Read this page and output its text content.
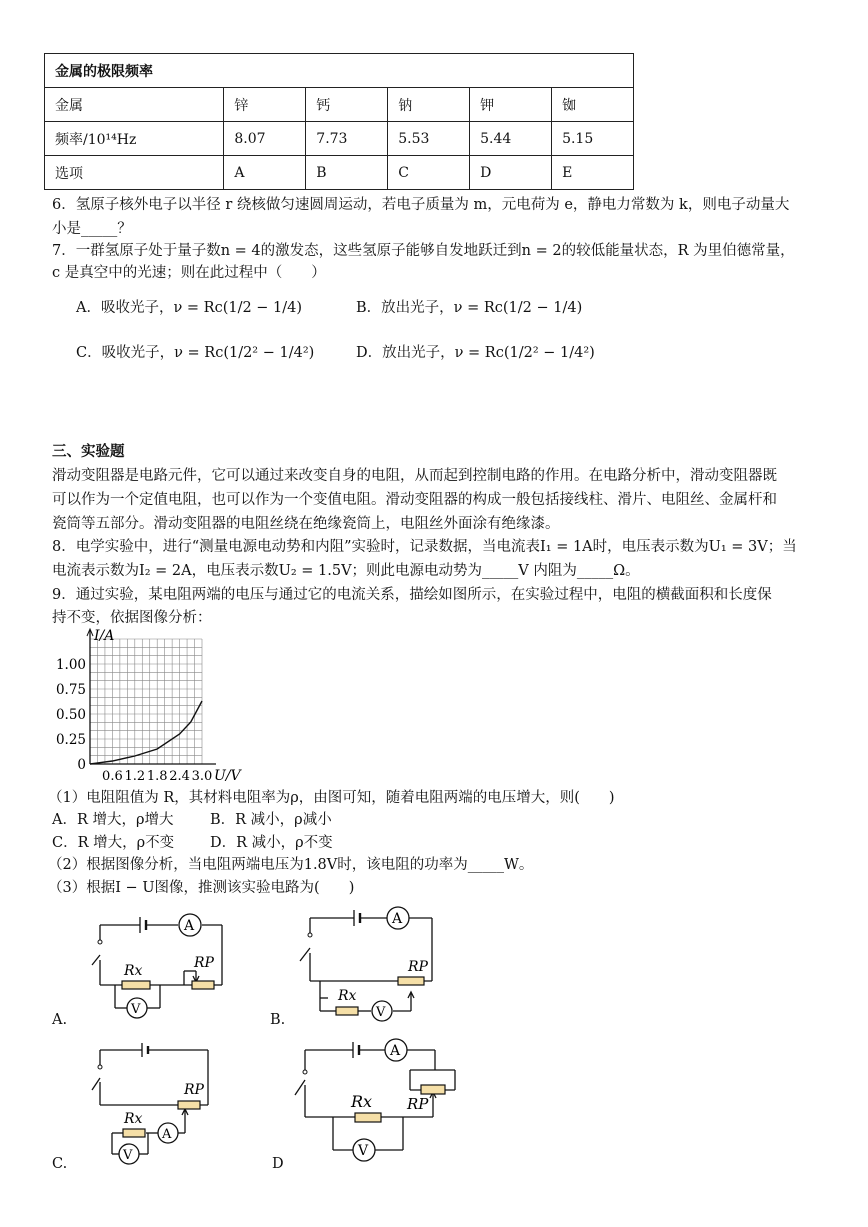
金属的极限频率					
金属	锌	钙	钠	钾	铷
频率/10¹⁴Hz	8.07	7.73	5.53	5.44	5.15
选项	A	B	C	D	E
6．氢原子核外电子以半径 r 绕核做匀速圆周运动，若电子质量为 m，元电荷为 e，静电力常数为 k，则电子动量大
小是_____？
7．一群氢原子处于量子数n = 4的激发态，这些氢原子能够自发地跃迁到n = 2的较低能量状态，R 为里伯德常量，
c 是真空中的光速；则在此过程中（　　）
A．吸收光子，ν = Rc(1/2 − 1/4)	B．放出光子，ν = Rc(1/2 − 1/4)
C．吸收光子，ν = Rc(1/2² − 1/4²)	D．放出光子，ν = Rc(1/2² − 1/4²)
三、实验题
滑动变阻器是电路元件，它可以通过来改变自身的电阻，从而起到控制电路的作用。在电路分析中，滑动变阻器既
可以作为一个定值电阻，也可以作为一个变值电阻。滑动变阻器的构成一般包括接线柱、滑片、电阻丝、金属杆和
瓷筒等五部分。滑动变阻器的电阻丝绕在绝缘瓷筒上，电阻丝外面涂有绝缘漆。
8．电学实验中，进行“测量电源电动势和内阻”实验时，记录数据，当电流表I₁ = 1A时，电压表示数为U₁ = 3V；当
电流表示数为I₂ = 2A，电压表示数U₂ = 1.5V；则此电源电动势为_____V 内阻为_____Ω。
9．通过实验，某电阻两端的电压与通过它的电流关系，描绘如图所示，在实验过程中，电阻的横截面积和长度保
持不变，依据图像分析：
0
0.25
0.50
0.75
1.00
0.6 1.2 1.8 2.4 3.0
I/A
U/V
（1）电阻阻值为 R，其材料电阻率为ρ，由图可知，随着电阻两端的电压增大，则(　　)
A．R 增大，ρ增大	B．R 减小，ρ减小
C．R 增大，ρ不变 D．R 减小，ρ不变
（2）根据图像分析，当电阻两端电压为1.8V时，该电阻的功率为_____W。
（3）根据I − U图像，推测该实验电路为(　　)
A
V
Rx	RP
A.
A
V
Rx
RP
B.
A
V
Rx
RP
C.
A
V
Rx RP
D
